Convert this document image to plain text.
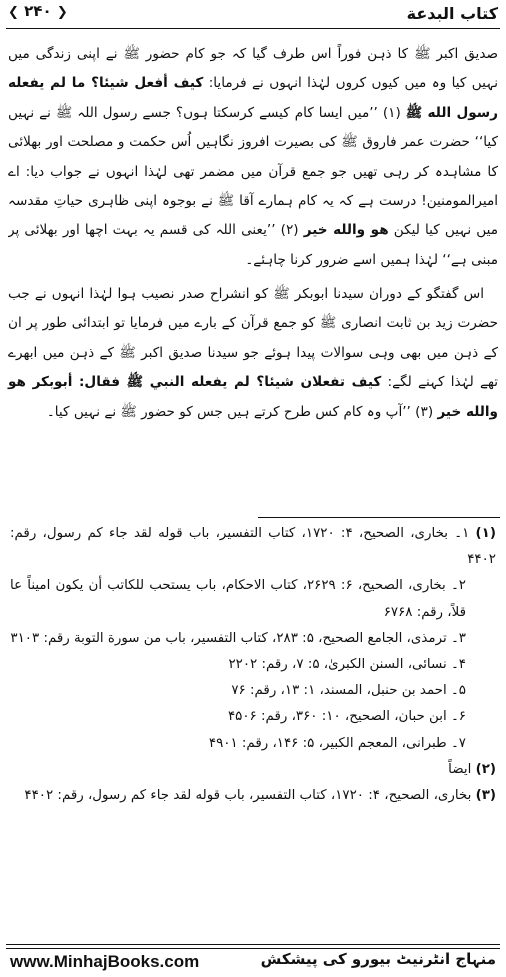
كتاب البدعة
❮ ۲۴۰ ❯

صدیق اکبر ﷺ کا ذہن فوراً اس طرف گیا کہ جو کام حضور ﷺ نے اپنی زندگی میں نہیں کیا وہ میں کیوں کروں لہٰذا انہوں نے فرمایا: كيف أفعل شيئا؟ ما لم يفعله رسول الله ﷺ (۱) ’’میں ایسا کام کیسے کرسکتا ہوں؟ جسے رسول اللہ ﷺ نے نہیں کیا‘‘ حضرت عمر فاروق ﷺ کی بصیرت افروز نگاہیں اُس حکمت و مصلحت اور بھلائی کا مشاہدہ کر رہی تھیں جو جمع قرآن میں مضمر تھی لہٰذا انہوں نے جواب دیا: اے امیرالمومنین! درست ہے کہ یہ کام ہمارے آقا ﷺ نے بوجوہ اپنی ظاہری حیاتِ مقدسہ میں نہیں کیا لیکن هو والله خير (۲) ’’یعنی اللہ کی قسم یہ بہت اچھا اور بھلائی پر مبنی ہے‘‘ لہٰذا ہمیں اسے ضرور کرنا چاہئے۔

اس گفتگو کے دوران سیدنا ابوبکر ﷺ کو انشراح صدر نصیب ہوا لہٰذا انہوں نے جب حضرت زید بن ثابت انصاری ﷺ کو جمع قرآن کے بارے میں فرمایا تو ابتدائی طور پر ان کے ذہن میں بھی وہی سوالات پیدا ہوئے جو سیدنا صدیق اکبر ﷺ کے ذہن میں ابھرے تھے لہٰذا کہنے لگے: كيف تفعلان شيئا؟ لم يفعله النبي ﷺ فقال: أبوبكر هو والله خير (۳) ’’آپ وہ کام کس طرح کرتے ہیں جس کو حضور ﷺ نے نہیں کیا۔

(۱) ۱۔ بخاری، الصحیح، ۴: ۱۷۲۰، کتاب التفسیر، باب قوله لقد جاء کم رسول، رقم: ۴۴۰۲

۲۔ بخاری، الصحیح، ۶: ۲۶۲۹، کتاب الاحکام، باب یستحب للکاتب أن یکون امیناً عا قلاً، رقم: ۶۷۶۸

۳۔ ترمذی، الجامع الصحیح، ۵: ۲۸۳، کتاب التفسیر، باب من سورة التوبة رقم: ۳۱۰۳

۴۔ نسائی، السنن الکبریٰ، ۵: ۷، رقم: ۲۲۰۲

۵۔ احمد بن حنبل، المسند، ۱: ۱۳، رقم: ۷۶

۶۔ ابن حبان، الصحیح، ۱۰: ۳۶۰، رقم: ۴۵۰۶

۷۔ طبرانی، المعجم الکبیر، ۵: ۱۴۶، رقم: ۴۹۰۱

(۲) ایضاً

(۳) بخاری، الصحیح، ۴: ۱۷۲۰، کتاب التفسیر، باب قوله لقد جاء کم رسول، رقم: ۴۴۰۲

www.MinhajBooks.com	منہاج انٹرنیٹ بیورو کی پیشکش
